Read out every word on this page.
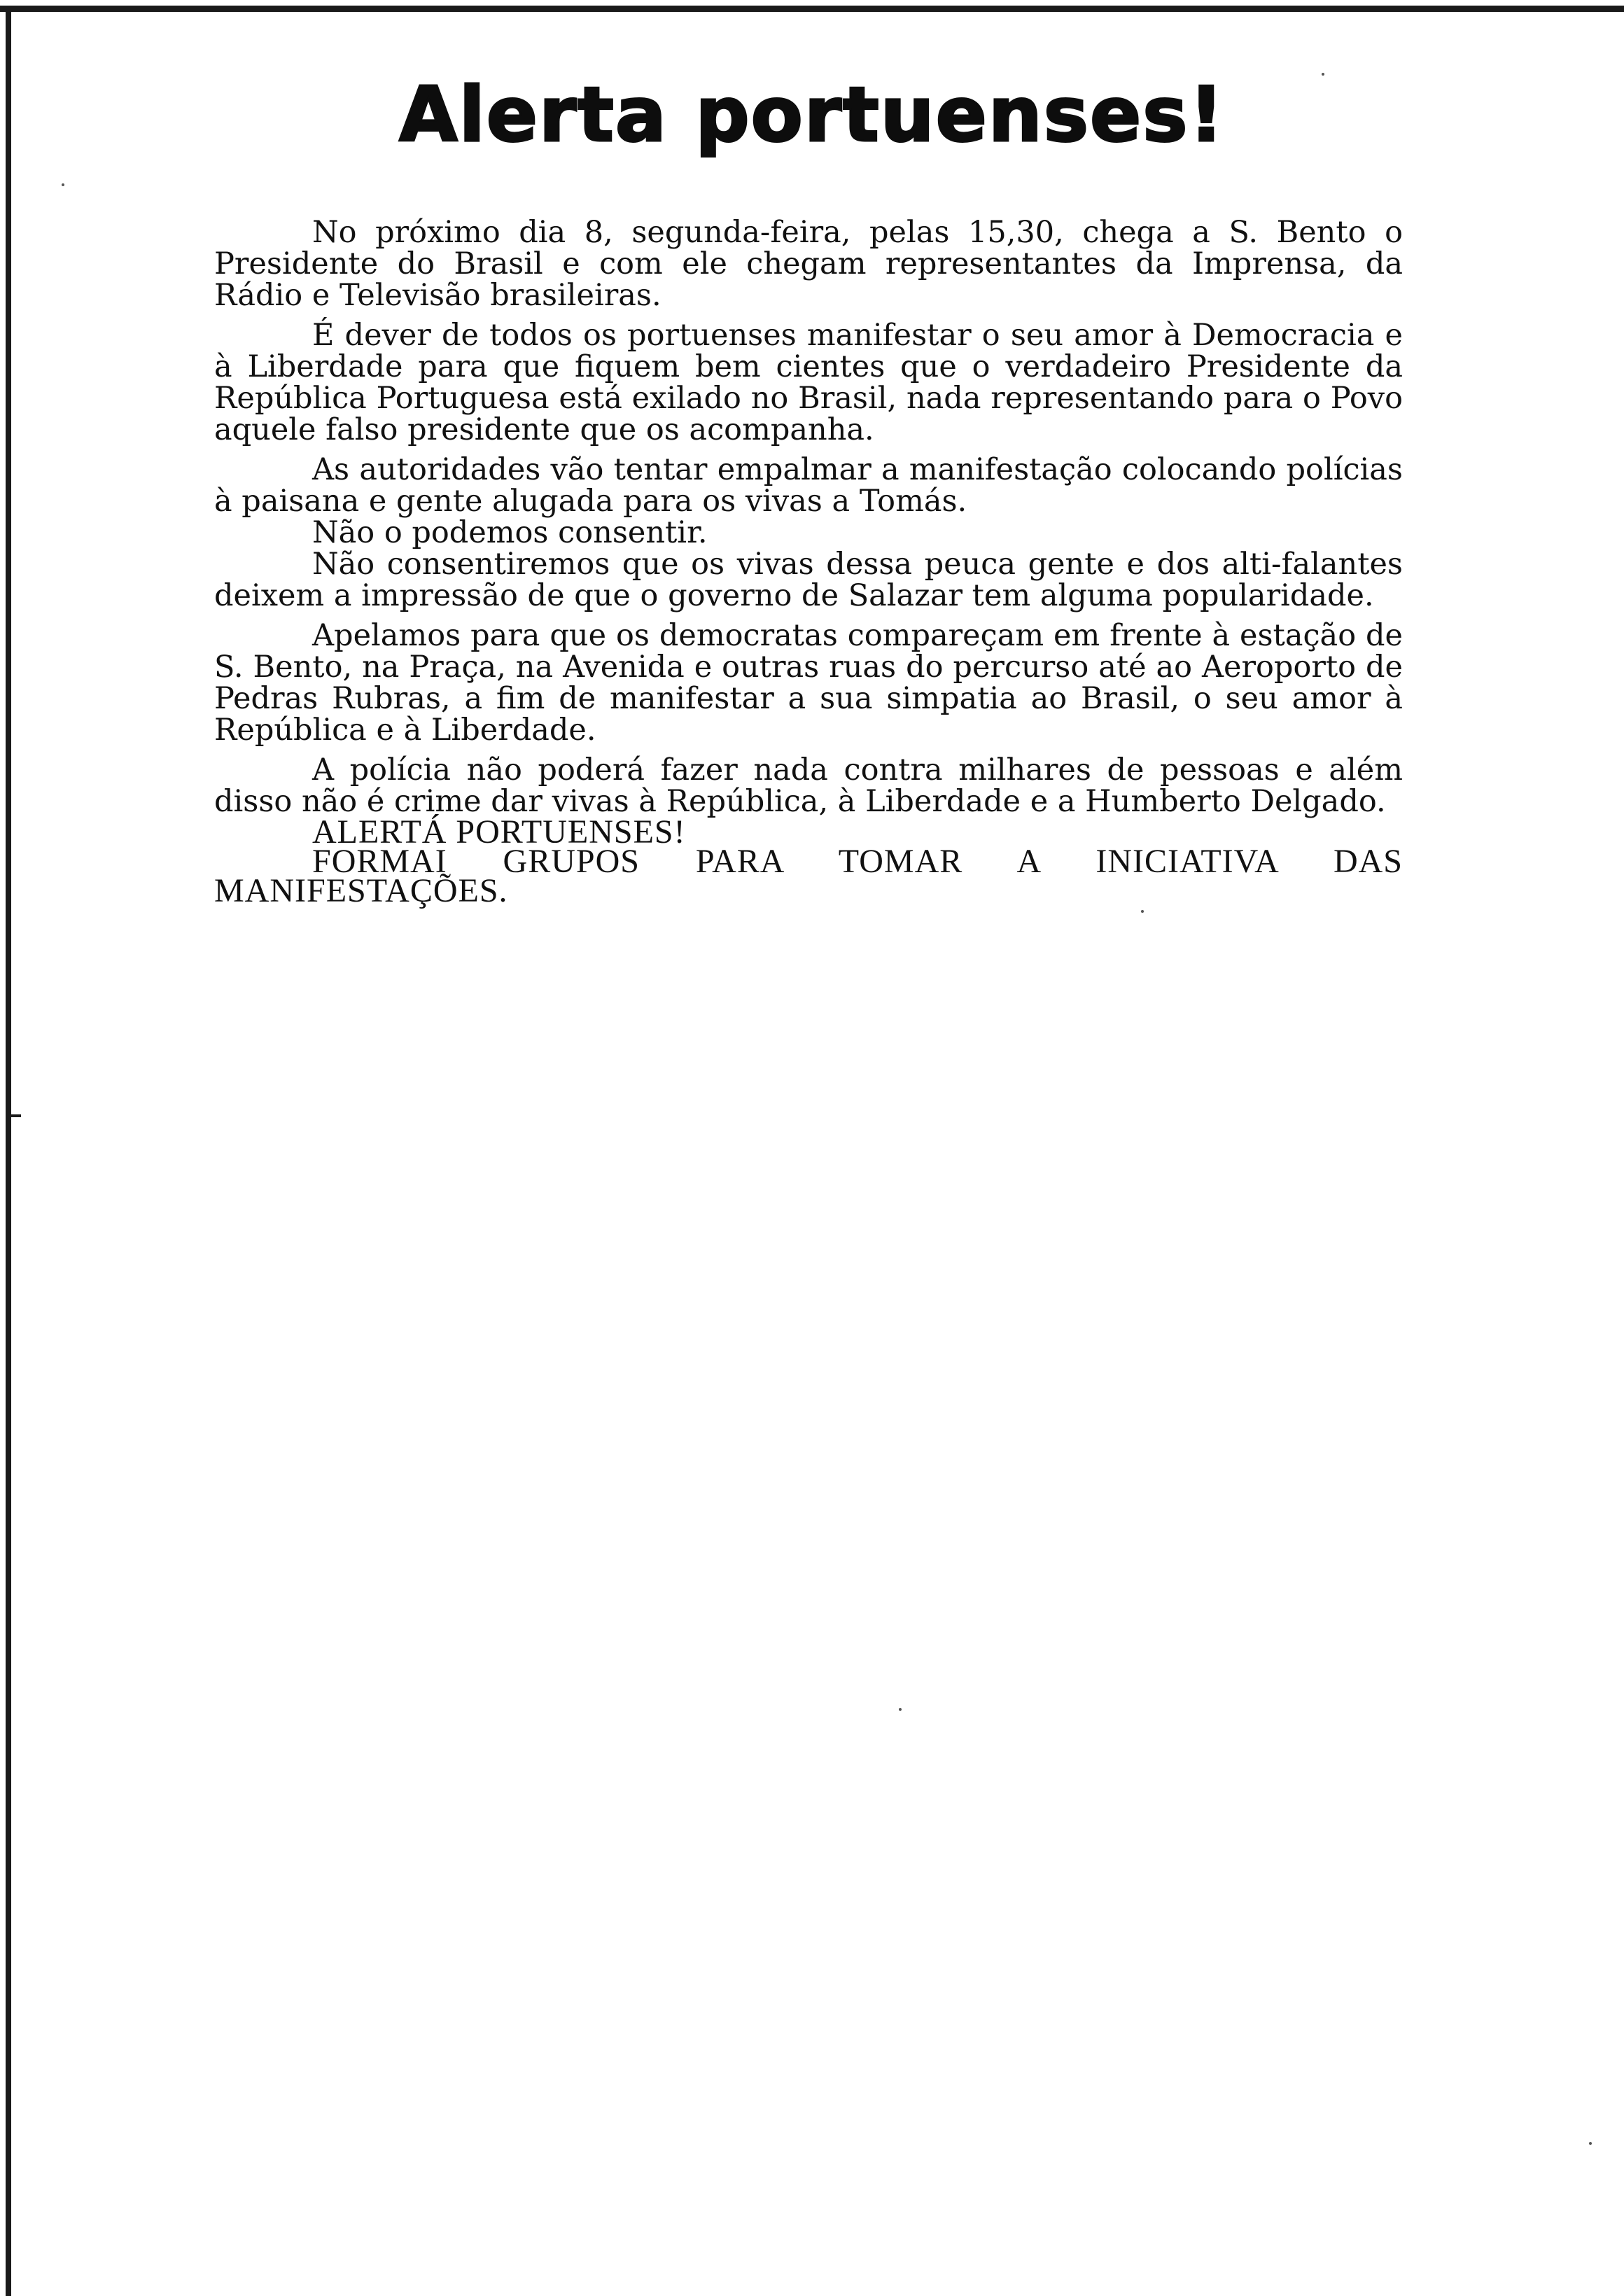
Alerta portuenses!

No próximo dia 8, segunda-feira, pelas 15,30, chega a S. Bento o Presidente do Brasil e com ele chegam representantes da Imprensa, da Rádio e Televisão brasileiras.

É dever de todos os portuenses manifestar o seu amor à Democracia e à Liberdade para que fiquem bem cientes que o verdadeiro Presidente da República Portuguesa está exilado no Brasil, nada representando para o Povo aquele falso presidente que os acompanha.

As autoridades vão tentar empalmar a manifestação colocando polícias à paisana e gente alugada para os vivas a Tomás.

Não o podemos consentir.

Não consentiremos que os vivas dessa peuca gente e dos alti-falantes deixem a impressão de que o governo de Salazar tem alguma popularidade.

Apelamos para que os democratas compareçam em frente à estação de S. Bento, na Praça, na Avenida e outras ruas do percurso até ao Aeroporto de Pedras Rubras, a fim de manifestar a sua simpatia ao Brasil, o seu amor à República e à Liberdade.

A polícia não poderá fazer nada contra milhares de pessoas e além disso não é crime dar vivas à República, à Liberdade e a Humberto Delgado.

ALERTÁ PORTUENSES!

FORMAI GRUPOS PARA TOMAR A INICIATIVA DAS MANIFESTAÇÕES.
